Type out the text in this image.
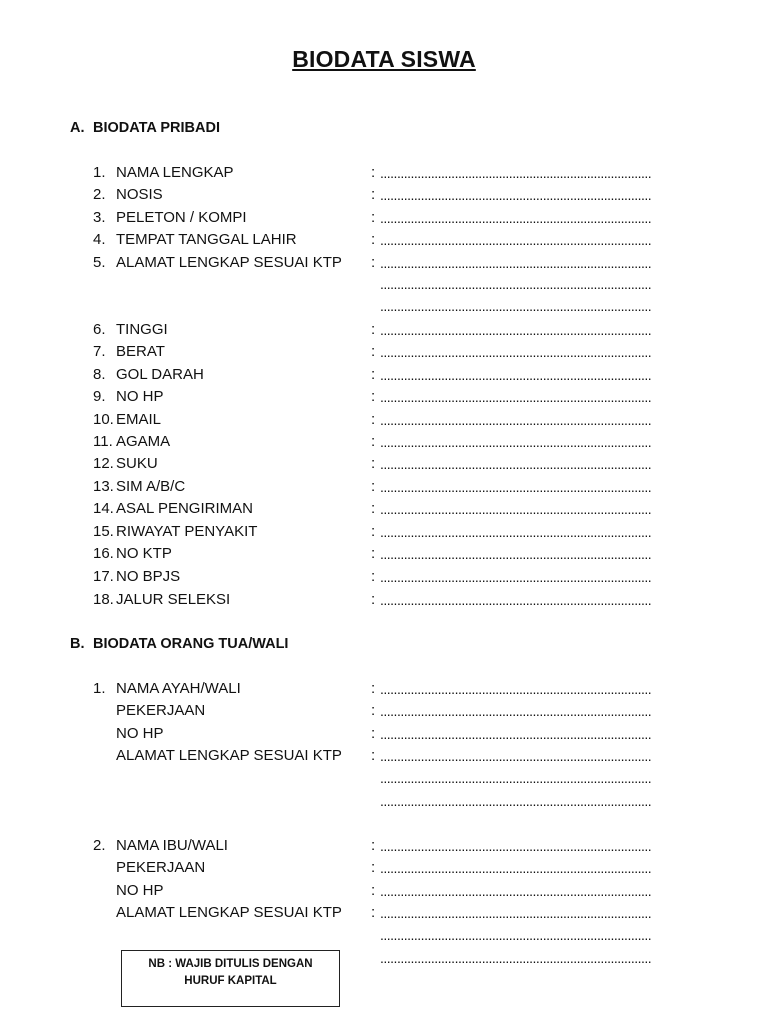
BIODATA SISWA
A. BIODATA PRIBADI
1. NAMA LENGKAP	: ................................................................................
2. NOSIS	: ................................................................................
3. PELETON / KOMPI	: ................................................................................
4. TEMPAT TANGGAL LAHIR	: ................................................................................
5. ALAMAT LENGKAP SESUAI KTP : ................................................................................
................................................................................
................................................................................
6. TINGGI	: ................................................................................
7. BERAT	: ................................................................................
8. GOL DARAH	: ................................................................................
9. NO HP	: ................................................................................
10. EMAIL	: ................................................................................
11. AGAMA	: ................................................................................
12. SUKU	: ................................................................................
13. SIM A/B/C	: ................................................................................
14. ASAL PENGIRIMAN	: ................................................................................
15. RIWAYAT PENYAKIT	: ................................................................................
16. NO KTP	: ................................................................................
17. NO BPJS	: ................................................................................
18. JALUR SELEKSI	: ................................................................................
B. BIODATA ORANG TUA/WALI
1. NAMA AYAH/WALI	: ................................................................................
PEKERJAAN	: ................................................................................
NO HP	: ................................................................................
ALAMAT LENGKAP SESUAI KTP : ................................................................................
................................................................................
................................................................................
2. NAMA IBU/WALI	: ................................................................................
PEKERJAAN	: ................................................................................
NO HP	: ................................................................................
ALAMAT LENGKAP SESUAI KTP : ................................................................................
................................................................................
................................................................................
NB : WAJIB DITULIS DENGAN
HURUF KAPITAL
